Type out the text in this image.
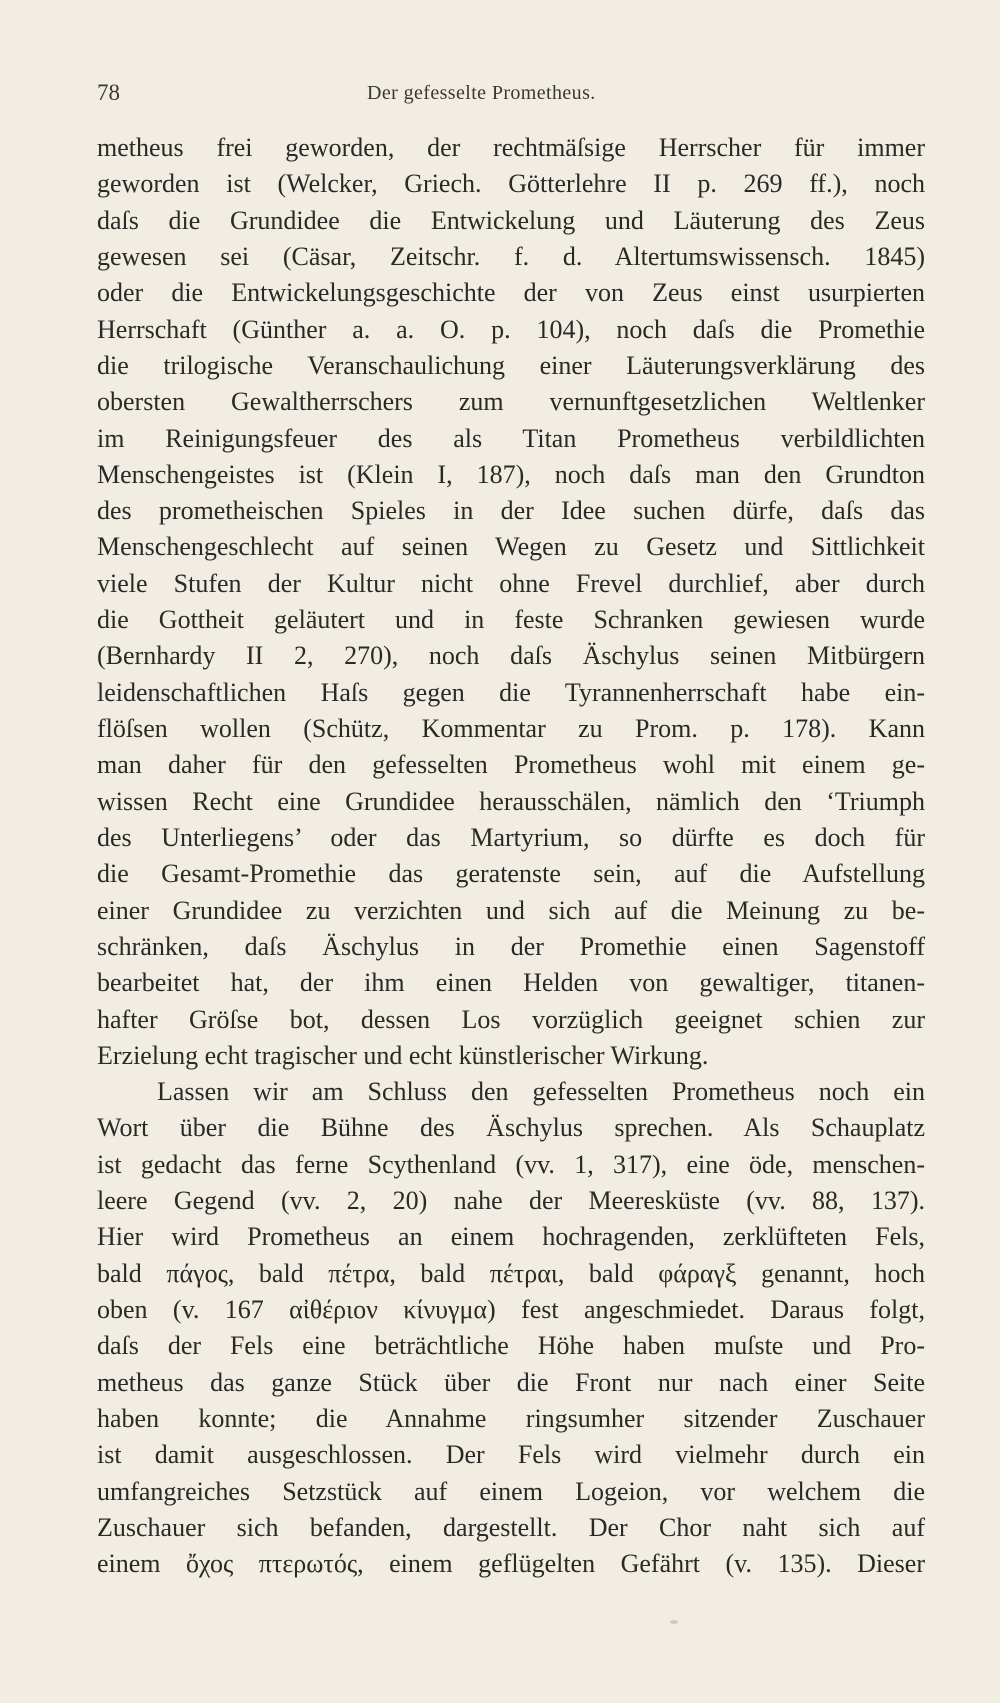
78	Der gefesselte Prometheus.
metheus frei geworden, der rechtmäſsige Herrscher für immer
geworden ist (Welcker, Griech. Götterlehre II p. 269 ff.), noch
daſs die Grundidee die Entwickelung und Läuterung des Zeus
gewesen sei (Cäsar, Zeitschr. f. d. Altertumswissensch. 1845)
oder die Entwickelungsgeschichte der von Zeus einst usurpierten
Herrschaft (Günther a. a. O. p. 104), noch daſs die Promethie
die trilogische Veranschaulichung einer Läuterungsverklärung des
obersten Gewaltherrschers zum vernunftgesetzlichen Weltlenker
im Reinigungsfeuer des als Titan Prometheus verbildlichten
Menschengeistes ist (Klein I, 187), noch daſs man den Grundton
des prometheischen Spieles in der Idee suchen dürfe, daſs das
Menschengeschlecht auf seinen Wegen zu Gesetz und Sittlichkeit
viele Stufen der Kultur nicht ohne Frevel durchlief, aber durch
die Gottheit geläutert und in feste Schranken gewiesen wurde
(Bernhardy II 2, 270), noch daſs Äschylus seinen Mitbürgern
leidenschaftlichen Haſs gegen die Tyrannenherrschaft habe ein-
flöſsen wollen (Schütz, Kommentar zu Prom. p. 178). Kann
man daher für den gefesselten Prometheus wohl mit einem ge-
wissen Recht eine Grundidee herausschälen, nämlich den ‘Triumph
des Unterliegens’ oder das Martyrium, so dürfte es doch für
die Gesamt-Promethie das geratenste sein, auf die Aufstellung
einer Grundidee zu verzichten und sich auf die Meinung zu be-
schränken, daſs Äschylus in der Promethie einen Sagenstoff
bearbeitet hat, der ihm einen Helden von gewaltiger, titanen-
hafter Gröſse bot, dessen Los vorzüglich geeignet schien zur
Erzielung echt tragischer und echt künstlerischer Wirkung.
Lassen wir am Schluss den gefesselten Prometheus noch ein
Wort über die Bühne des Äschylus sprechen. Als Schauplatz
ist gedacht das ferne Scythenland (vv. 1, 317), eine öde, menschen-
leere Gegend (vv. 2, 20) nahe der Meeresküste (vv. 88, 137).
Hier wird Prometheus an einem hochragenden, zerklüfteten Fels,
bald πάγος, bald πέτρα, bald πέτραι, bald φάραγξ genannt, hoch
oben (v. 167 αἰθέριον κίνυγμα) fest angeschmiedet. Daraus folgt,
daſs der Fels eine beträchtliche Höhe haben muſste und Pro-
metheus das ganze Stück über die Front nur nach einer Seite
haben konnte; die Annahme ringsumher sitzender Zuschauer
ist damit ausgeschlossen. Der Fels wird vielmehr durch ein
umfangreiches Setzstück auf einem Logeion, vor welchem die
Zuschauer sich befanden, dargestellt. Der Chor naht sich auf
einem ὄχος πτερωτός, einem geflügelten Gefährt (v. 135). Dieser
